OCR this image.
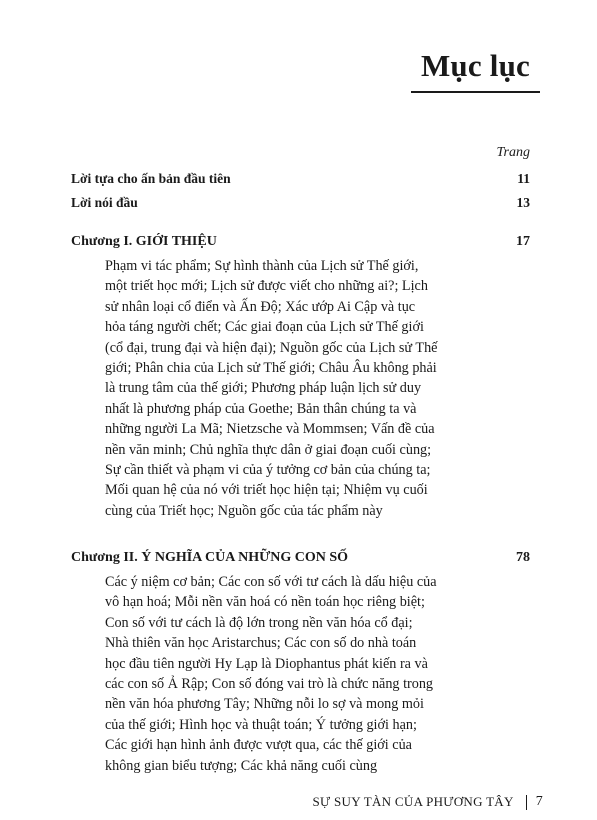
Mục lục
Trang
Lời tựa cho ấn bản đầu tiên	11
Lời nói đầu	13
Chương I. GIỚI THIỆU	17

Phạm vi tác phẩm; Sự hình thành của Lịch sử Thế giới,
một triết học mới; Lịch sử được viết cho những ai?; Lịch
sử nhân loại cổ điển và Ấn Độ; Xác ướp Ai Cập và tục
hỏa táng người chết; Các giai đoạn của Lịch sử Thế giới
(cổ đại, trung đại và hiện đại); Nguồn gốc của Lịch sử Thế
giới; Phân chia của Lịch sử Thế giới; Châu Âu không phải
là trung tâm của thế giới; Phương pháp luận lịch sử duy
nhất là phương pháp của Goethe; Bản thân chúng ta và
những người La Mã; Nietzsche và Mommsen; Vấn đề của
nền văn minh; Chủ nghĩa thực dân ở giai đoạn cuối cùng;
Sự cần thiết và phạm vi của ý tưởng cơ bản của chúng ta;
Mối quan hệ của nó với triết học hiện tại; Nhiệm vụ cuối
cùng của Triết học; Nguồn gốc của tác phẩm này

Chương II. Ý NGHĨA CỦA NHỮNG CON SỐ	78

Các ý niệm cơ bản; Các con số với tư cách là dấu hiệu của
vô hạn hoá; Mỗi nền văn hoá có nền toán học riêng biệt;
Con số với tư cách là độ lớn trong nền văn hóa cổ đại;
Nhà thiên văn học Aristarchus; Các con số do nhà toán
học đầu tiên người Hy Lạp là Diophantus phát kiến ra và
các con số Ả Rập; Con số đóng vai trò là chức năng trong
nền văn hóa phương Tây; Những nỗi lo sợ và mong mỏi
của thế giới; Hình học và thuật toán; Ý tưởng giới hạn;
Các giới hạn hình ảnh được vượt qua, các thế giới của
không gian biểu tượng; Các khả năng cuối cùng

SỰ SUY TÀN CỦA PHƯƠNG TÂY 7
